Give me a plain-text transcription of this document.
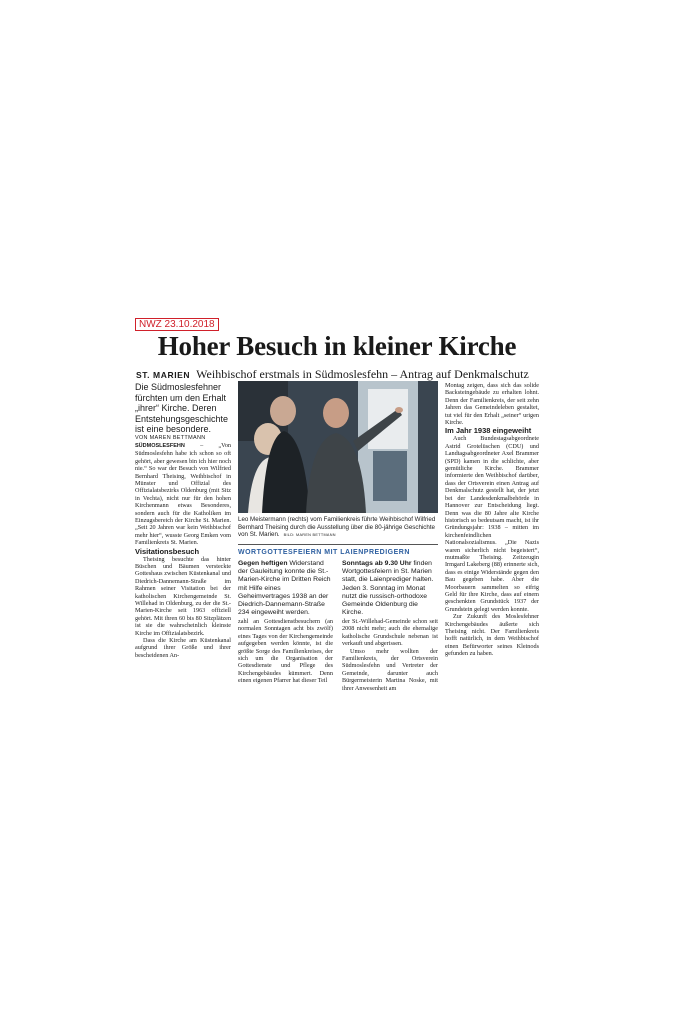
NWZ 23.10.2018
Hoher Besuch in kleiner Kirche
ST. MARIEN Weihbischof erstmals in Südmoslesfehn – Antrag auf Denkmalschutz

Die Südmoslesfehner fürchten um den Erhalt „ihrer“ Kirche. Deren Entstehungsgeschichte ist eine besondere.

VON MAREN BETTMANN

SÜDMOSLESFEHN – „Von Südmoslesfehn habe ich schon so oft gehört, aber gewesen bin ich hier noch nie.“ So war der Besuch von Wilfried Bernhard Theising, Weihbischof in Münster und Offizial des Offizialatsbezirks Oldenburg (mit Sitz in Vechta), nicht nur für den hohen Kirchenmann etwas Besonderes, sondern auch für die Katholiken im Einzugsbereich der Kirche St. Marien. „Seit 20 Jahren war kein Weihbischof mehr hier“, wusste Georg Emken vom Familienkreis St. Marien.

Visitationsbesuch

Theising besuchte das hinter Büschen und Bäumen versteckte Gotteshaus zwischen Küstenkanal und Diedrich-Dannemann-Straße im Rahmen seiner Visitation bei der katholischen Kirchengemeinde St. Willehad in Oldenburg, zu der die St.-Marien-Kirche seit 1963 offiziell gehört. Mit ihren 60 bis 80 Sitzplätzen ist sie die wahrscheinlich kleinste Kirche im Offizialatsbezirk.

Dass die Kirche am Küstenkanal aufgrund ihrer Größe und ihrer bescheidenen An-

Leo Meistermann (rechts) vom Familienkreis führte Weihbischof Wilfried Bernhard Theising durch die Ausstellung über die 80-jährige Geschichte von St. Marien. BILD: MAREN BETTMANN
WORTGOTTESFEIERN MIT LAIENPREDIGERN
Gegen heftigen Widerstand der Gauleitung konnte die St.-Marien-Kirche im Dritten Reich mit Hilfe eines Geheimvertrages 1938 an der Diedrich-Dannemann-Straße 234 eingeweiht werden.
Sonntags ab 9.30 Uhr finden Wortgottesfeiern in St. Marien statt, die Laienprediger halten. Jeden 3. Sonntag im Monat nutzt die russisch-orthodoxe Gemeinde Oldenburg die Kirche.

zahl an Gottesdienstbesuchern (an normalen Sonntagen acht bis zwölf) eines Tages von der Kirchengemeinde aufgegeben werden könnte, ist die größte Sorge des Familienkreises, der sich um die Organisation der Gottesdienste und Pflege des Kirchengebäudes kümmert. Denn einen eigenen Pfarrer hat dieser Teil

der St.-Willehad-Gemeinde schon seit 2008 nicht mehr; auch die ehemalige katholische Grundschule nebenan ist verkauft und abgerissen.

Umso mehr wollten der Familienkreis, der Ortsverein Südmoslesfehn und Vertreter der Gemeinde, darunter auch Bürgermeisterin Martina Noske, mit ihrer Anwesenheit am

Montag zeigen, dass sich das solide Backsteingebäude zu erhalten lohnt. Denn der Familienkreis, der seit zehn Jahren das Gemeindeleben gestaltet, tut viel für den Erhalt „seiner“ urigen Kirche.

Im Jahr 1938 eingeweiht

Auch Bundestagsabgeordnete Astrid Grotelüschen (CDU) und Landtagsabgeordneter Axel Brammer (SPD) kamen in die schlichte, aber gemütliche Kirche. Brammer informierte den Weihbischof darüber, dass der Ortsverein einen Antrag auf Denkmalschutz gestellt hat, der jetzt bei der Landesdenkmalbehörde in Hannover zur Entscheidung liegt. Denn was die 80 Jahre alte Kirche historisch so bedeutsam macht, ist ihr Gründungsjahr: 1938 – mitten im kirchenfeindlichen Nationalsozialismus. „Die Nazis waren sicherlich nicht begeistert“, mutmaßte Theising. Zeitzeugin Irmgard Lakeberg (88) erinnerte sich, dass es einige Widerstände gegen den Bau gegeben habe. Aber die Moorbauern sammelten so eifrig Geld für ihre Kirche, dass auf einem geschenkten Grundstück 1937 der Grundstein gelegt werden konnte.

Zur Zukunft des Moslesfehner Kirchengebäudes äußerte sich Theising nicht. Der Familienkreis hofft natürlich, in dem Weihbischof einen Befürworter seines Kleinods gefunden zu haben.
